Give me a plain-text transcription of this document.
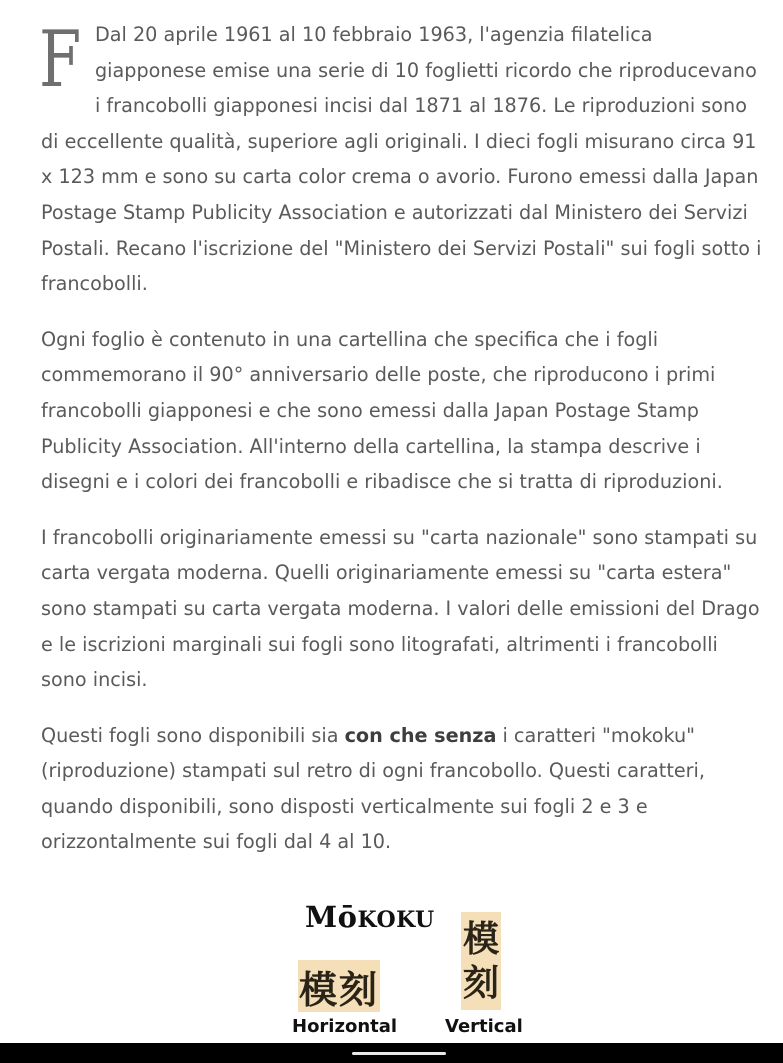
F Dal 20 aprile 1961 al 10 febbraio 1963, l'agenzia filatelica giapponese emise una serie di 10 foglietti ricordo che riproducevano i francobolli giapponesi incisi dal 1871 al 1876. Le riproduzioni sono di eccellente qualità, superiore agli originali. I dieci fogli misurano circa 91 x 123 mm e sono su carta color crema o avorio. Furono emessi dalla Japan Postage Stamp Publicity Association e autorizzati dal Ministero dei Servizi Postali. Recano l'iscrizione del "Ministero dei Servizi Postali" sui fogli sotto i francobolli.

Ogni foglio è contenuto in una cartellina che specifica che i fogli commemorano il 90° anniversario delle poste, che riproducono i primi francobolli giapponesi e che sono emessi dalla Japan Postage Stamp Publicity Association. All'interno della cartellina, la stampa descrive i disegni e i colori dei francobolli e ribadisce che si tratta di riproduzioni.

I francobolli originariamente emessi su "carta nazionale" sono stampati su carta vergata moderna. Quelli originariamente emessi su "carta estera" sono stampati su carta vergata moderna. I valori delle emissioni del Drago e le iscrizioni marginali sui fogli sono litografati, altrimenti i francobolli sono incisi.

Questi fogli sono disponibili sia con che senza i caratteri "mokoku" (riproduzione) stampati sul retro di ogni francobollo. Questi caratteri, quando disponibili, sono disposti verticalmente sui fogli 2 e 3 e orizzontalmente sui fogli dal 4 al 10.

MōKOKU
模刻
模
刻
Horizontal	Vertical
